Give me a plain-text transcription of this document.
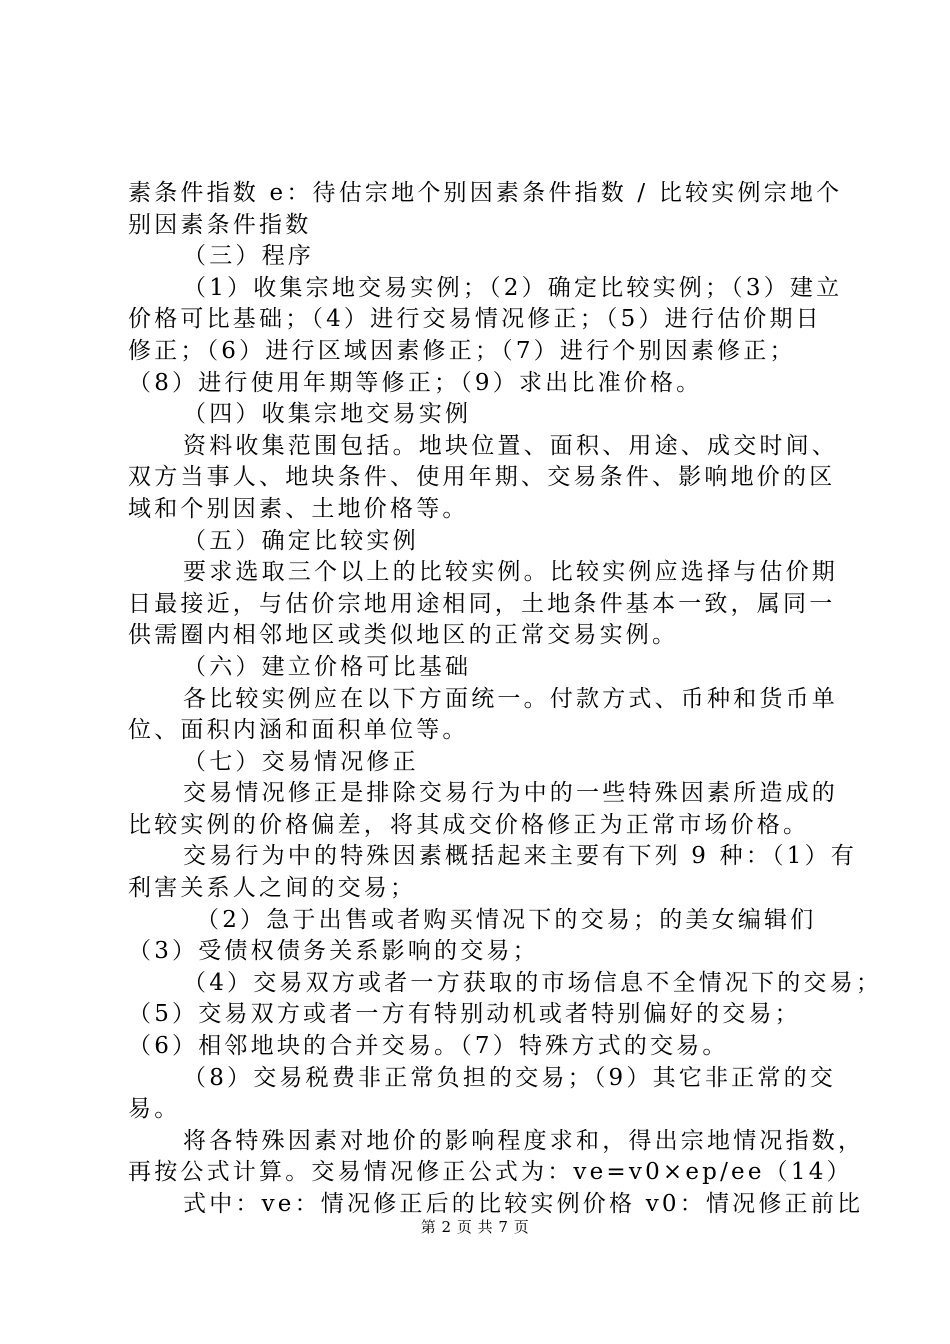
素条件指数 e：待估宗地个别因素条件指数 / 比较实例宗地个
别因素条件指数
（三）程序
（1）收集宗地交易实例；（2）确定比较实例；（3）建立
价格可比基础；（4）进行交易情况修正；（5）进行估价期日
修正；（6）进行区域因素修正；（7）进行个别因素修正；
（8）进行使用年期等修正；（9）求出比准价格。
（四）收集宗地交易实例
资料收集范围包括。地块位置、面积、用途、成交时间、
双方当事人、地块条件、使用年期、交易条件、影响地价的区
域和个别因素、土地价格等。
（五）确定比较实例
要求选取三个以上的比较实例。比较实例应选择与估价期
日最接近，与估价宗地用途相同，土地条件基本一致，属同一
供需圈内相邻地区或类似地区的正常交易实例。
（六）建立价格可比基础
各比较实例应在以下方面统一。付款方式、币种和货币单
位、面积内涵和面积单位等。
（七）交易情况修正
交易情况修正是排除交易行为中的一些特殊因素所造成的
比较实例的价格偏差，将其成交价格修正为正常市场价格。
交易行为中的特殊因素概括起来主要有下列 9 种：（1）有
利害关系人之间的交易；
（2）急于出售或者购买情况下的交易；的美女编辑们
（3）受债权债务关系影响的交易；
（4）交易双方或者一方获取的市场信息不全情况下的交易；
（5）交易双方或者一方有特别动机或者特别偏好的交易；
（6）相邻地块的合并交易。（7）特殊方式的交易。
（8）交易税费非正常负担的交易；（9）其它非正常的交
易。
将各特殊因素对地价的影响程度求和，得出宗地情况指数，
再按公式计算。交易情况修正公式为：ve=v0×ep/ee（14）
式中：ve：情况修正后的比较实例价格 v0：情况修正前比
第 2 页 共 7 页
